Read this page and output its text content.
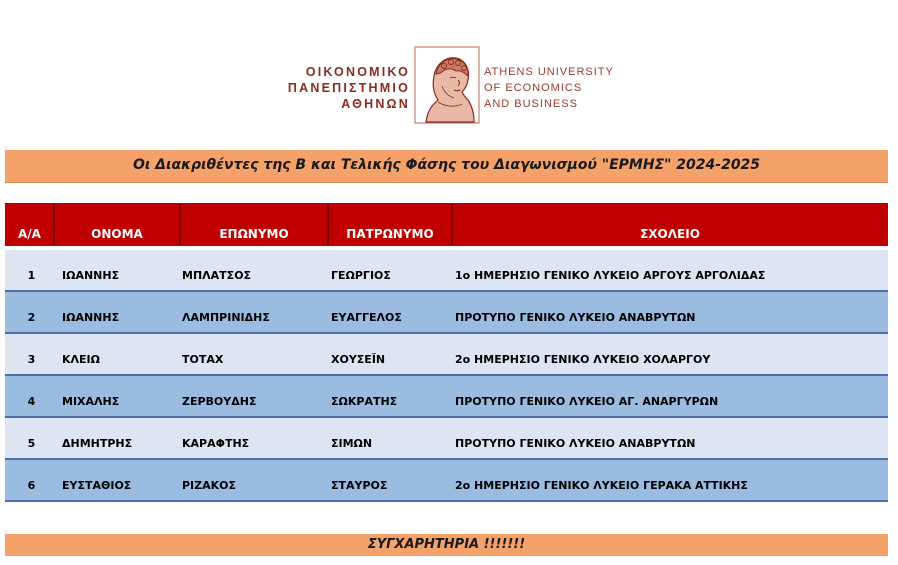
ΟΙΚΟΝΟΜΙΚΟ
ΠΑΝΕΠΙΣΤΗΜΙΟ
ΑΘΗΝΩΝ
ATHENS UNIVERSITY
OF ECONOMICS
AND BUSINESS
Οι Διακριθέντες της Β και Τελικής Φάσης του Διαγωνισμού "ΕΡΜΗΣ" 2024-2025
Α/Α	ΟΝΟΜΑ	ΕΠΩΝΥΜΟ	ΠΑΤΡΩΝΥΜΟ	ΣΧΟΛΕΙΟ
1	ΙΩΑΝΝΗΣ	ΜΠΛΑΤΣΟΣ	ΓΕΩΡΓΙΟΣ	1ο ΗΜΕΡΗΣΙΟ ΓΕΝΙΚΟ ΛΥΚΕΙΟ ΑΡΓΟΥΣ ΑΡΓΟΛΙΔΑΣ
2	ΙΩΑΝΝΗΣ	ΛΑΜΠΡΙΝΙΔΗΣ	ΕΥΑΓΓΕΛΟΣ	ΠΡΟΤΥΠΟ ΓΕΝΙΚΟ ΛΥΚΕΙΟ ΑΝΑΒΡΥΤΩΝ
3	ΚΛΕΙΩ	ΤΟΤΑΧ	ΧΟΥΣΕΪΝ	2ο ΗΜΕΡΗΣΙΟ ΓΕΝΙΚΟ ΛΥΚΕΙΟ ΧΟΛΑΡΓΟΥ
4	ΜΙΧΑΛΗΣ	ΖΕΡΒΟΥΔΗΣ	ΣΩΚΡΑΤΗΣ	ΠΡΟΤΥΠΟ ΓΕΝΙΚΟ ΛΥΚΕΙΟ ΑΓ. ΑΝΑΡΓΥΡΩΝ
5	ΔΗΜΗΤΡΗΣ	ΚΑΡΑΦΤΗΣ	ΣΙΜΩΝ	ΠΡΟΤΥΠΟ ΓΕΝΙΚΟ ΛΥΚΕΙΟ ΑΝΑΒΡΥΤΩΝ
6	ΕΥΣΤΑΘΙΟΣ	ΡΙΖΑΚΟΣ	ΣΤΑΥΡΟΣ	2ο ΗΜΕΡΗΣΙΟ ΓΕΝΙΚΟ ΛΥΚΕΙΟ ΓΕΡΑΚΑ ΑΤΤΙΚΗΣ
ΣΥΓΧΑΡΗΤΗΡΙΑ !!!!!!!
